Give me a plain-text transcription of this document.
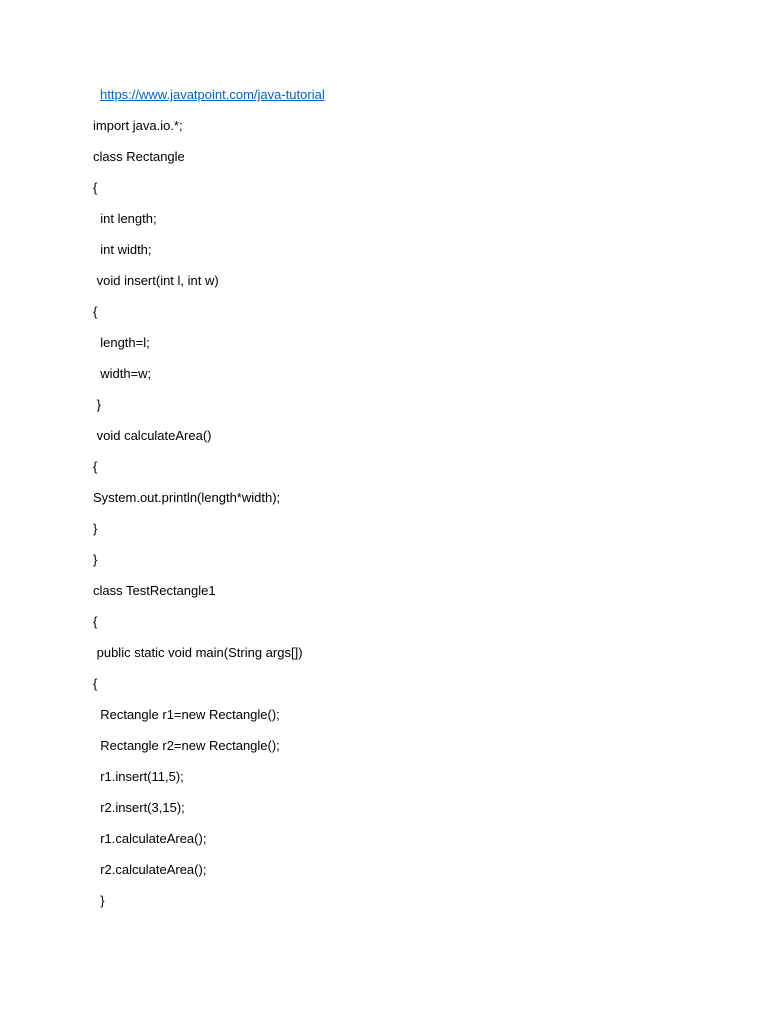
https://www.javatpoint.com/java-tutorial
import java.io.*;
class Rectangle
{
int length;
int width;
void insert(int l, int w)
{
length=l;
width=w;
}
void calculateArea()
{
System.out.println(length*width);
}
}
class TestRectangle1
{
public static void main(String args[])
{
Rectangle r1=new Rectangle();
Rectangle r2=new Rectangle();
r1.insert(11,5);
r2.insert(3,15);
r1.calculateArea();
r2.calculateArea();
}
